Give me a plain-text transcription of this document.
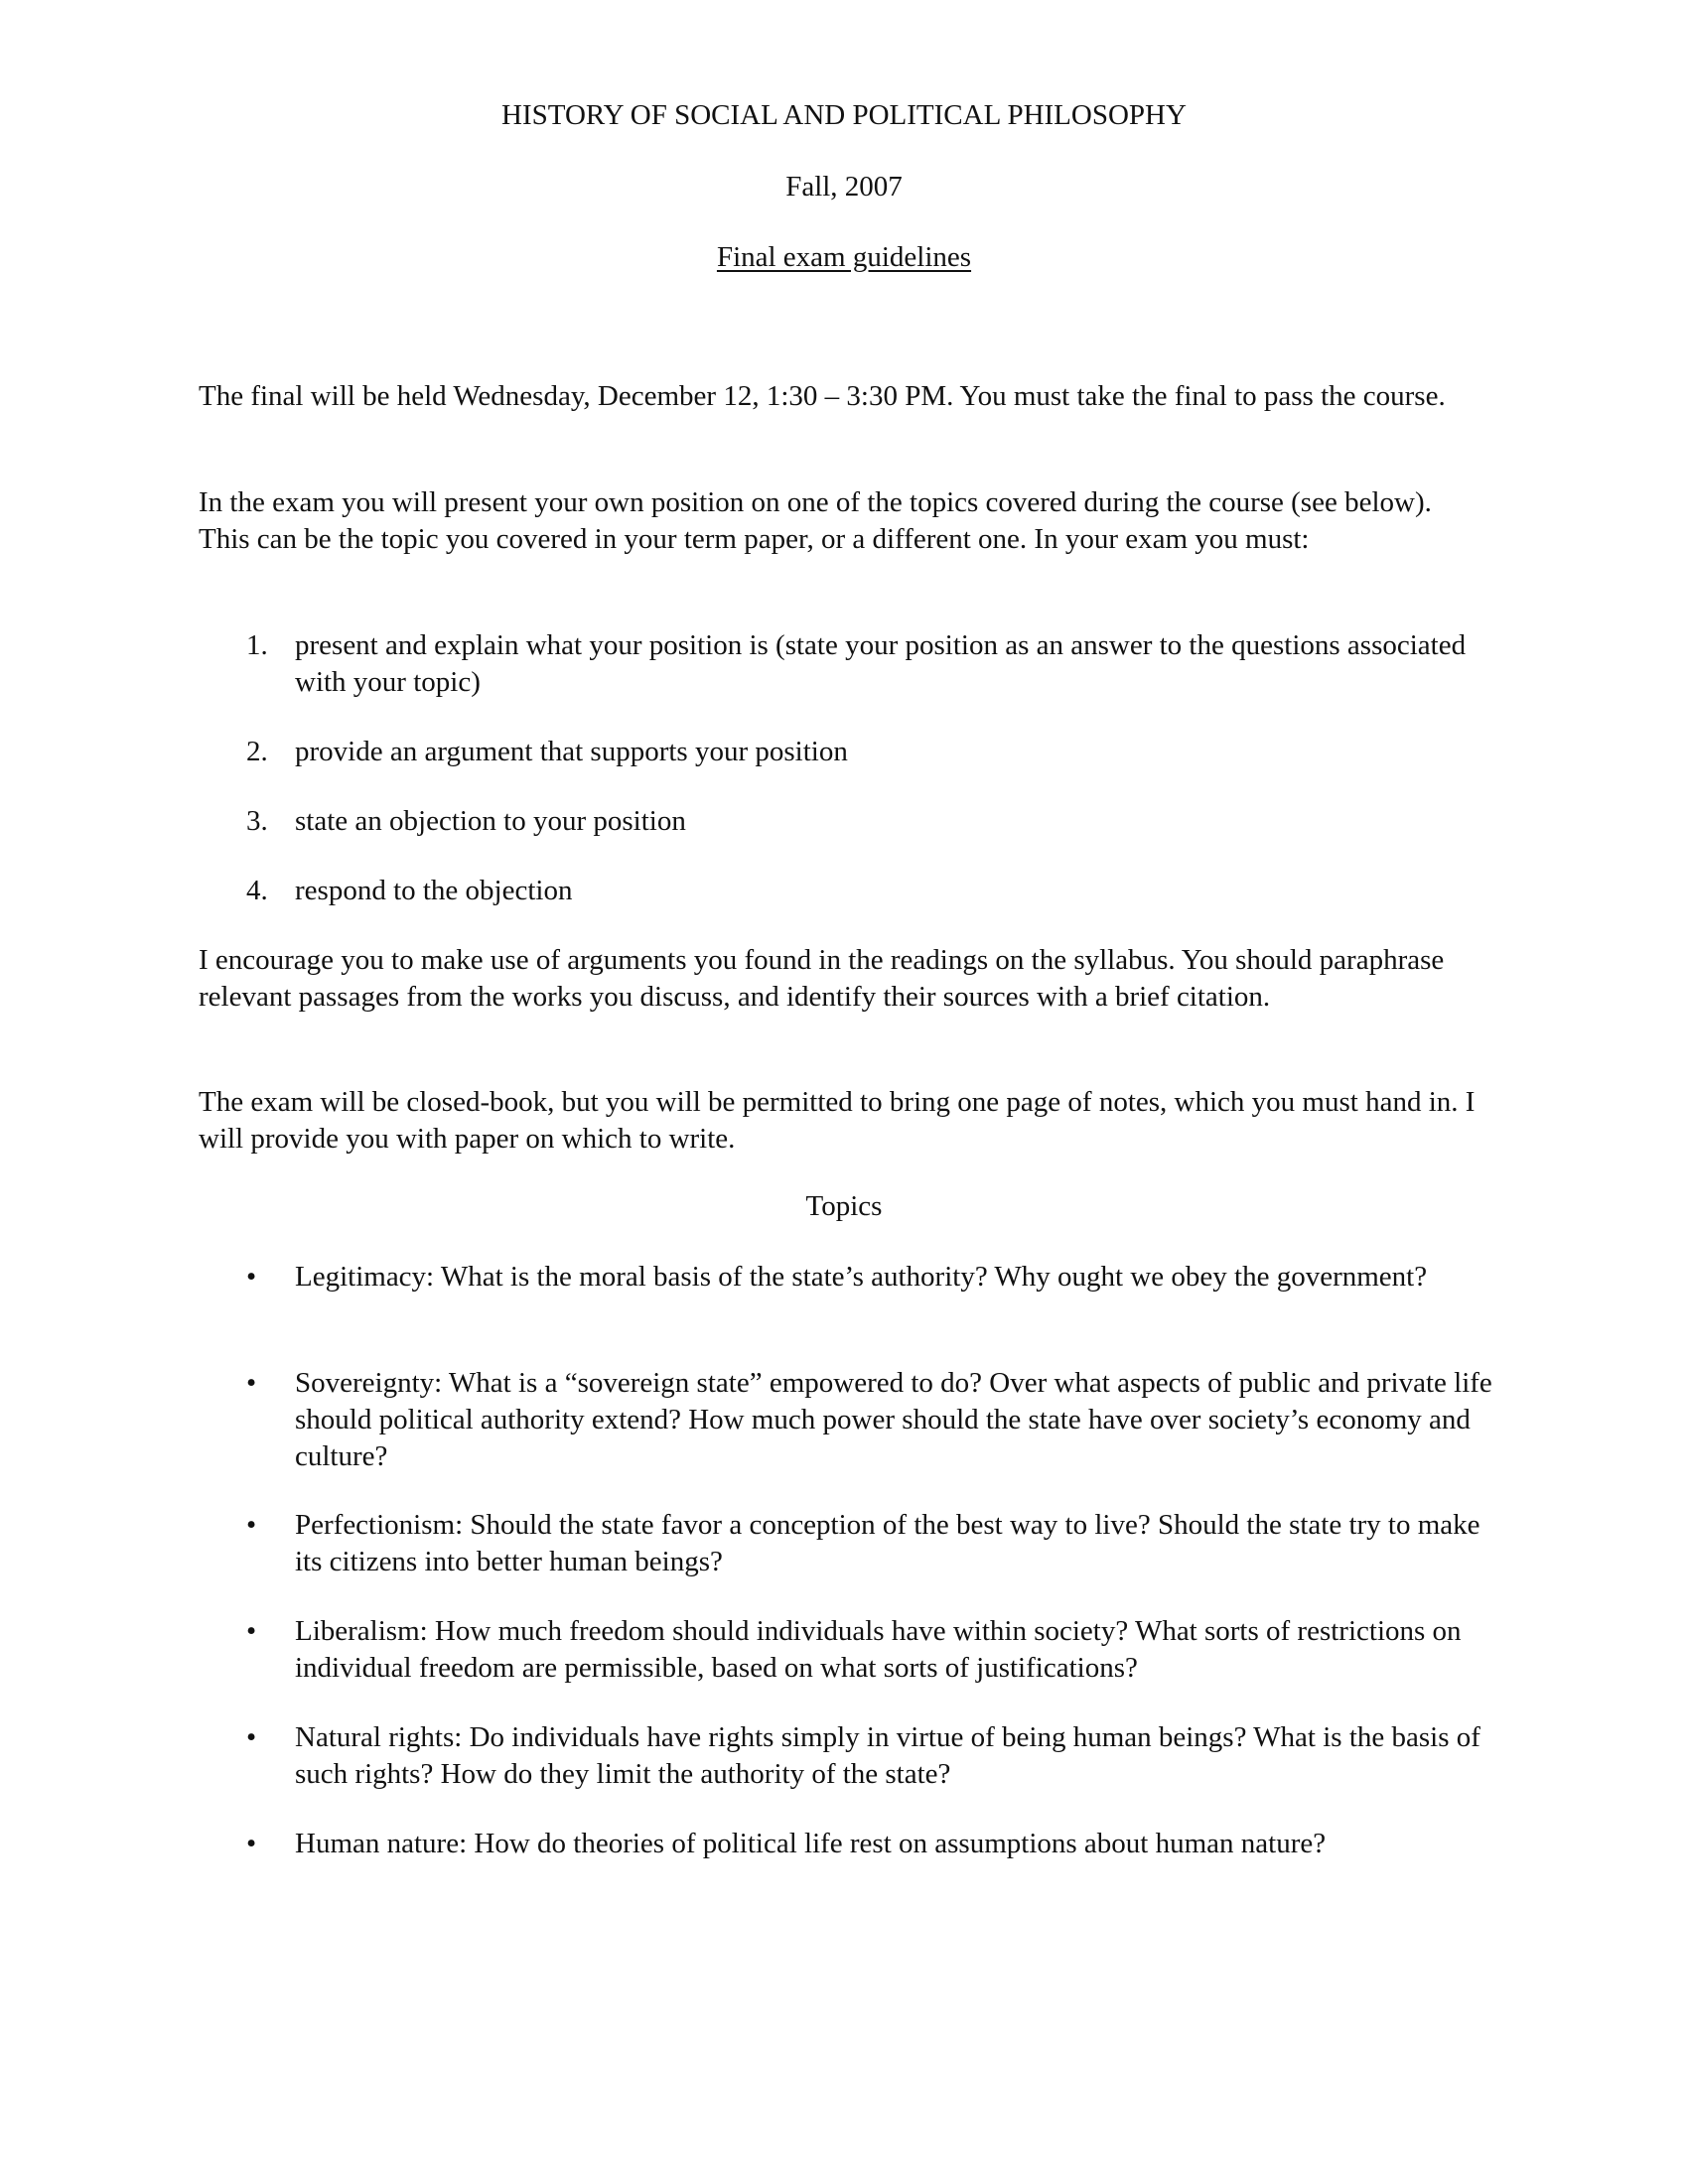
HISTORY OF SOCIAL AND POLITICAL PHILOSOPHY
Fall, 2007
Final exam guidelines

The final will be held Wednesday, December 12, 1:30 – 3:30 PM. You must take the final to pass the course.

In the exam you will present your own position on one of the topics covered during the course (see below). This can be the topic you covered in your term paper, or a different one. In your exam you must:

1. present and explain what your position is (state your position as an answer to the questions associated with your topic)
2. provide an argument that supports your position
3. state an objection to your position
4. respond to the objection

I encourage you to make use of arguments you found in the readings on the syllabus. You should paraphrase relevant passages from the works you discuss, and identify their sources with a brief citation.

The exam will be closed-book, but you will be permitted to bring one page of notes, which you must hand in. I will provide you with paper on which to write.

Topics
•	Legitimacy: What is the moral basis of the state’s authority? Why ought we obey the government?
•	Sovereignty: What is a “sovereign state” empowered to do? Over what aspects of public and private life should political authority extend? How much power should the state have over society’s economy and culture?
•	Perfectionism: Should the state favor a conception of the best way to live? Should the state try to make its citizens into better human beings?
•	Liberalism: How much freedom should individuals have within society? What sorts of restrictions on individual freedom are permissible, based on what sorts of justifications?
•	Natural rights: Do individuals have rights simply in virtue of being human beings? What is the basis of such rights? How do they limit the authority of the state?
•	Human nature: How do theories of political life rest on assumptions about human nature?
